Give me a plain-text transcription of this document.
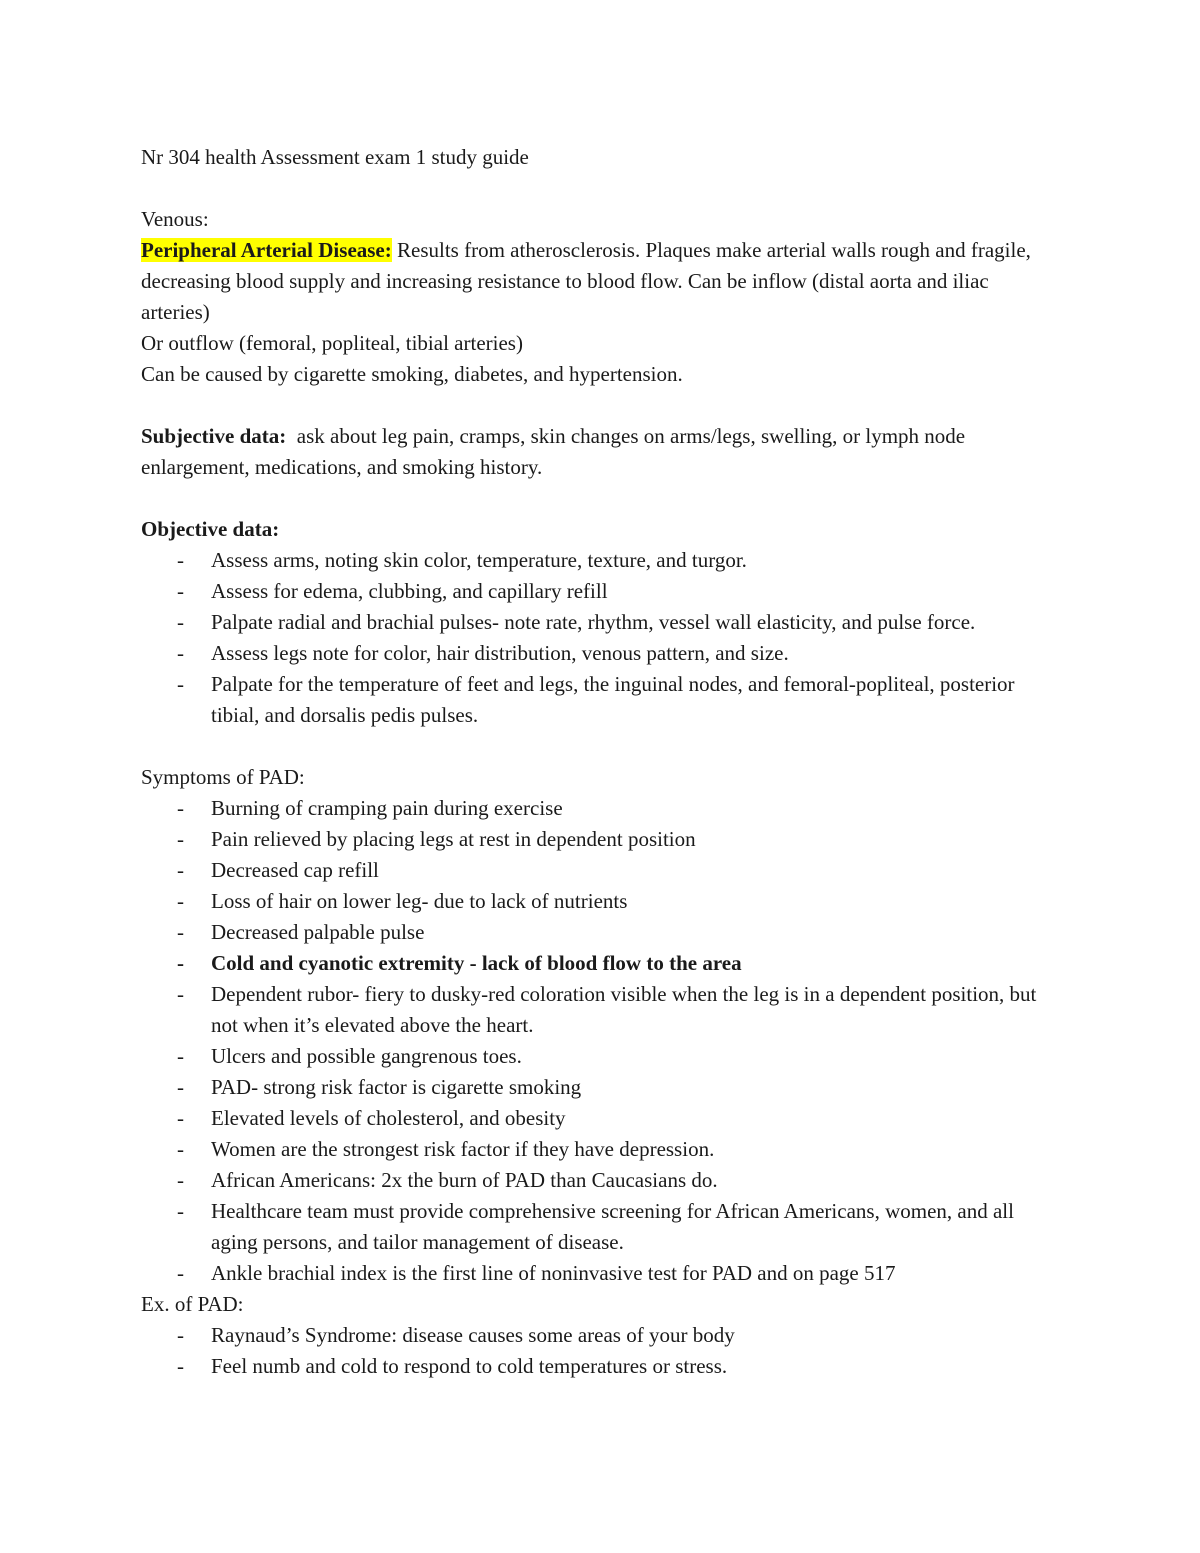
Nr 304 health Assessment exam 1 study guide

Venous:

Peripheral Arterial Disease: Results from atherosclerosis. Plaques make arterial walls rough and fragile, decreasing blood supply and increasing resistance to blood flow. Can be inflow (distal aorta and iliac arteries)

Or outflow (femoral, popliteal, tibial arteries)

Can be caused by cigarette smoking, diabetes, and hypertension.

Subjective data:  ask about leg pain, cramps, skin changes on arms/legs, swelling, or lymph node enlargement, medications, and smoking history.

Objective data:

- Assess arms, noting skin color, temperature, texture, and turgor.
- Assess for edema, clubbing, and capillary refill
- Palpate radial and brachial pulses- note rate, rhythm, vessel wall elasticity, and pulse force.
- Assess legs note for color, hair distribution, venous pattern, and size.
- Palpate for the temperature of feet and legs, the inguinal nodes, and femoral-popliteal, posterior tibial, and dorsalis pedis pulses.

Symptoms of PAD:

- Burning of cramping pain during exercise
- Pain relieved by placing legs at rest in dependent position
- Decreased cap refill
- Loss of hair on lower leg- due to lack of nutrients
- Decreased palpable pulse
- Cold and cyanotic extremity - lack of blood flow to the area
- Dependent rubor- fiery to dusky-red coloration visible when the leg is in a dependent position, but not when it’s elevated above the heart.
- Ulcers and possible gangrenous toes.
- PAD- strong risk factor is cigarette smoking
- Elevated levels of cholesterol, and obesity
- Women are the strongest risk factor if they have depression.
- African Americans: 2x the burn of PAD than Caucasians do.
- Healthcare team must provide comprehensive screening for African Americans, women, and all aging persons, and tailor management of disease.
- Ankle brachial index is the first line of noninvasive test for PAD and on page 517

Ex. of PAD:

- Raynaud’s Syndrome: disease causes some areas of your body
- Feel numb and cold to respond to cold temperatures or stress.
